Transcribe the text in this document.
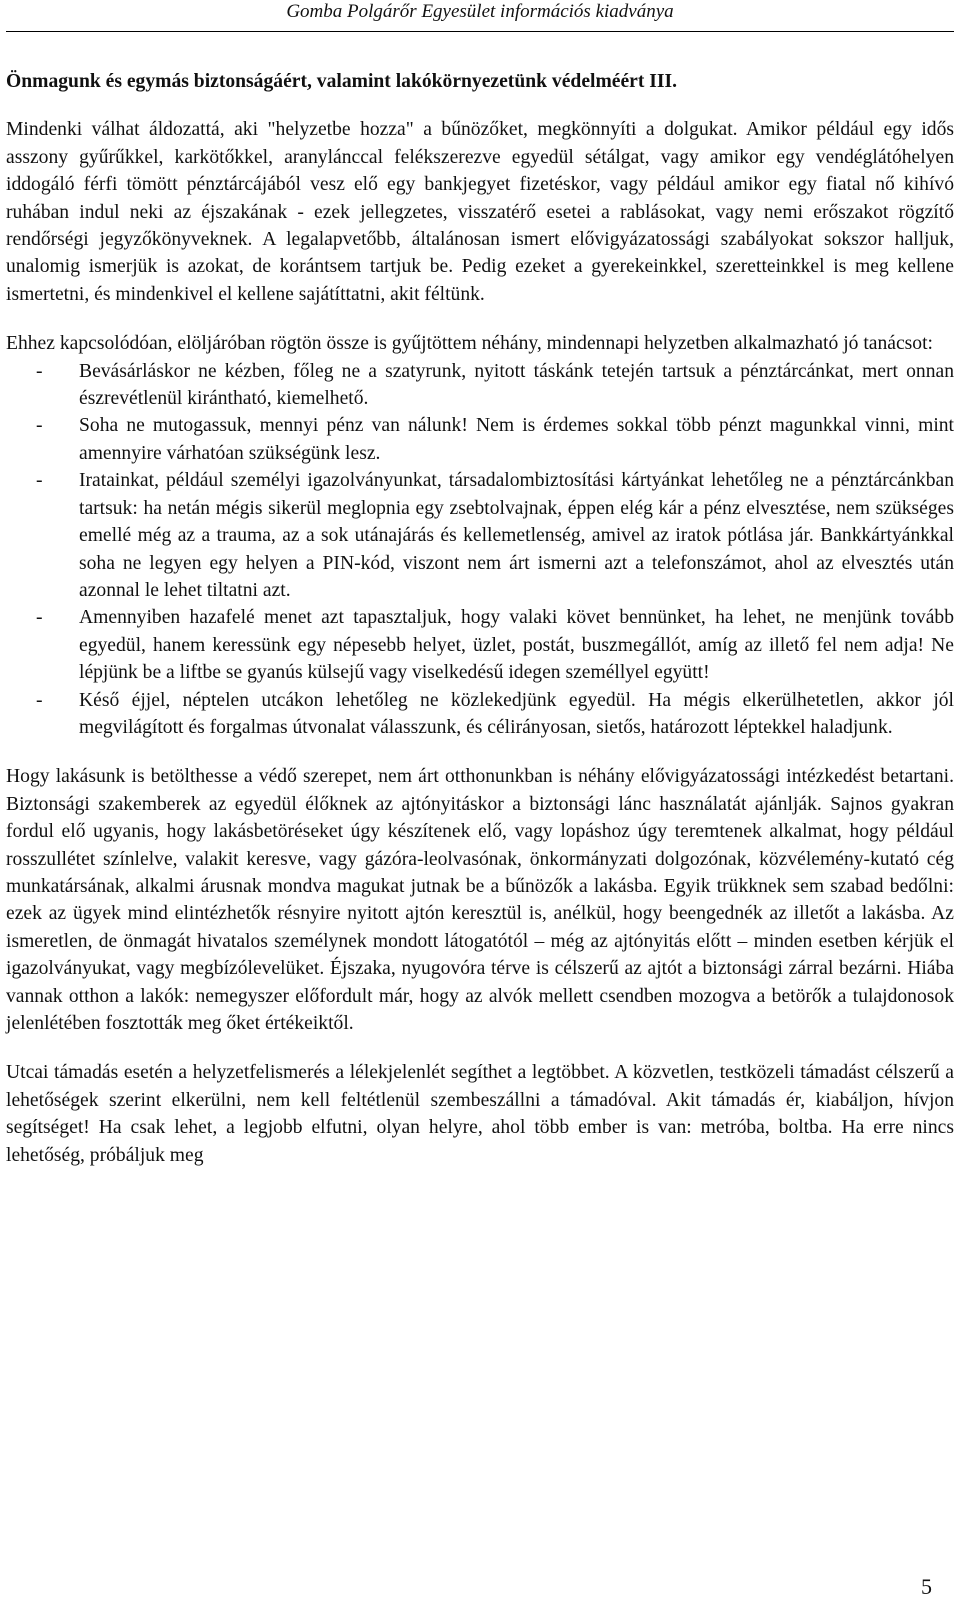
Gomba Polgárőr Egyesület információs kiadványa

Önmagunk és egymás biztonságáért, valamint lakókörnyezetünk védelméért III.

Mindenki válhat áldozattá, aki "helyzetbe hozza" a bűnözőket, megkönnyíti a dolgukat. Amikor például egy idős asszony gyűrűkkel, karkötőkkel, aranylánccal felékszerezve egyedül sétálgat, vagy amikor egy vendéglátóhelyen iddogáló férfi tömött pénztárcájából vesz elő egy bankjegyet fizetéskor, vagy például amikor egy fiatal nő kihívó ruhában indul neki az éjszakának - ezek jellegzetes, visszatérő esetei a rablásokat, vagy nemi erőszakot rögzítő rendőrségi jegyzőkönyveknek. A legalapvetőbb, általánosan ismert elővigyázatossági szabályokat sokszor halljuk, unalomig ismerjük is azokat, de korántsem tartjuk be. Pedig ezeket a gyerekeinkkel, szeretteinkkel is meg kellene ismertetni, és mindenkivel el kellene sajátíttatni, akit féltünk.

Ehhez kapcsolódóan, elöljáróban rögtön össze is gyűjtöttem néhány, mindennapi helyzetben alkalmazható jó tanácsot:

- Bevásárláskor ne kézben, főleg ne a szatyrunk, nyitott táskánk tetején tartsuk a pénztárcánkat, mert onnan észrevétlenül kirántható, kiemelhető.
- Soha ne mutogassuk, mennyi pénz van nálunk! Nem is érdemes sokkal több pénzt magunkkal vinni, mint amennyire várhatóan szükségünk lesz.
- Iratainkat, például személyi igazolványunkat, társadalombiztosítási kártyánkat lehetőleg ne a pénztárcánkban tartsuk: ha netán mégis sikerül meglopnia egy zsebtolvajnak, éppen elég kár a pénz elvesztése, nem szükséges emellé még az a trauma, az a sok utánajárás és kellemetlenség, amivel az iratok pótlása jár. Bankkártyánkkal soha ne legyen egy helyen a PIN-kód, viszont nem árt ismerni azt a telefonszámot, ahol az elvesztés után azonnal le lehet tiltatni azt.
- Amennyiben hazafelé menet azt tapasztaljuk, hogy valaki követ bennünket, ha lehet, ne menjünk tovább egyedül, hanem keressünk egy népesebb helyet, üzlet, postát, buszmegállót, amíg az illető fel nem adja! Ne lépjünk be a liftbe se gyanús külsejű vagy viselkedésű idegen személlyel együtt!
- Késő éjjel, néptelen utcákon lehetőleg ne közlekedjünk egyedül. Ha mégis elkerülhetetlen, akkor jól megvilágított és forgalmas útvonalat válasszunk, és célirányosan, sietős, határozott léptekkel haladjunk.

Hogy lakásunk is betölthesse a védő szerepet, nem árt otthonunkban is néhány elővigyázatossági intézkedést betartani. Biztonsági szakemberek az egyedül élőknek az ajtónyitáskor a biztonsági lánc használatát ajánlják. Sajnos gyakran fordul elő ugyanis, hogy lakásbetöréseket úgy készítenek elő, vagy lopáshoz úgy teremtenek alkalmat, hogy például rosszullétet színlelve, valakit keresve, vagy gázóra-leolvasónak, önkormányzati dolgozónak, közvélemény-kutató cég munkatársának, alkalmi árusnak mondva magukat jutnak be a bűnözők a lakásba. Egyik trükknek sem szabad bedőlni: ezek az ügyek mind elintézhetők résnyire nyitott ajtón keresztül is, anélkül, hogy beengednék az illetőt a lakásba. Az ismeretlen, de önmagát hivatalos személynek mondott látogatótól – még az ajtónyitás előtt – minden esetben kérjük el igazolványukat, vagy megbízólevelüket. Éjszaka, nyugovóra térve is célszerű az ajtót a biztonsági zárral bezárni. Hiába vannak otthon a lakók: nemegyszer előfordult már, hogy az alvók mellett csendben mozogva a betörők a tulajdonosok jelenlétében fosztották meg őket értékeiktől.

Utcai támadás esetén a helyzetfelismerés a lélekjelenlét segíthet a legtöbbet. A közvetlen, testközeli támadást célszerű a lehetőségek szerint elkerülni, nem kell feltétlenül szembeszállni a támadóval. Akit támadás ér, kiabáljon, hívjon segítséget! Ha csak lehet, a legjobb elfutni, olyan helyre, ahol több ember is van: metróba, boltba. Ha erre nincs lehetőség, próbáljuk meg

5
